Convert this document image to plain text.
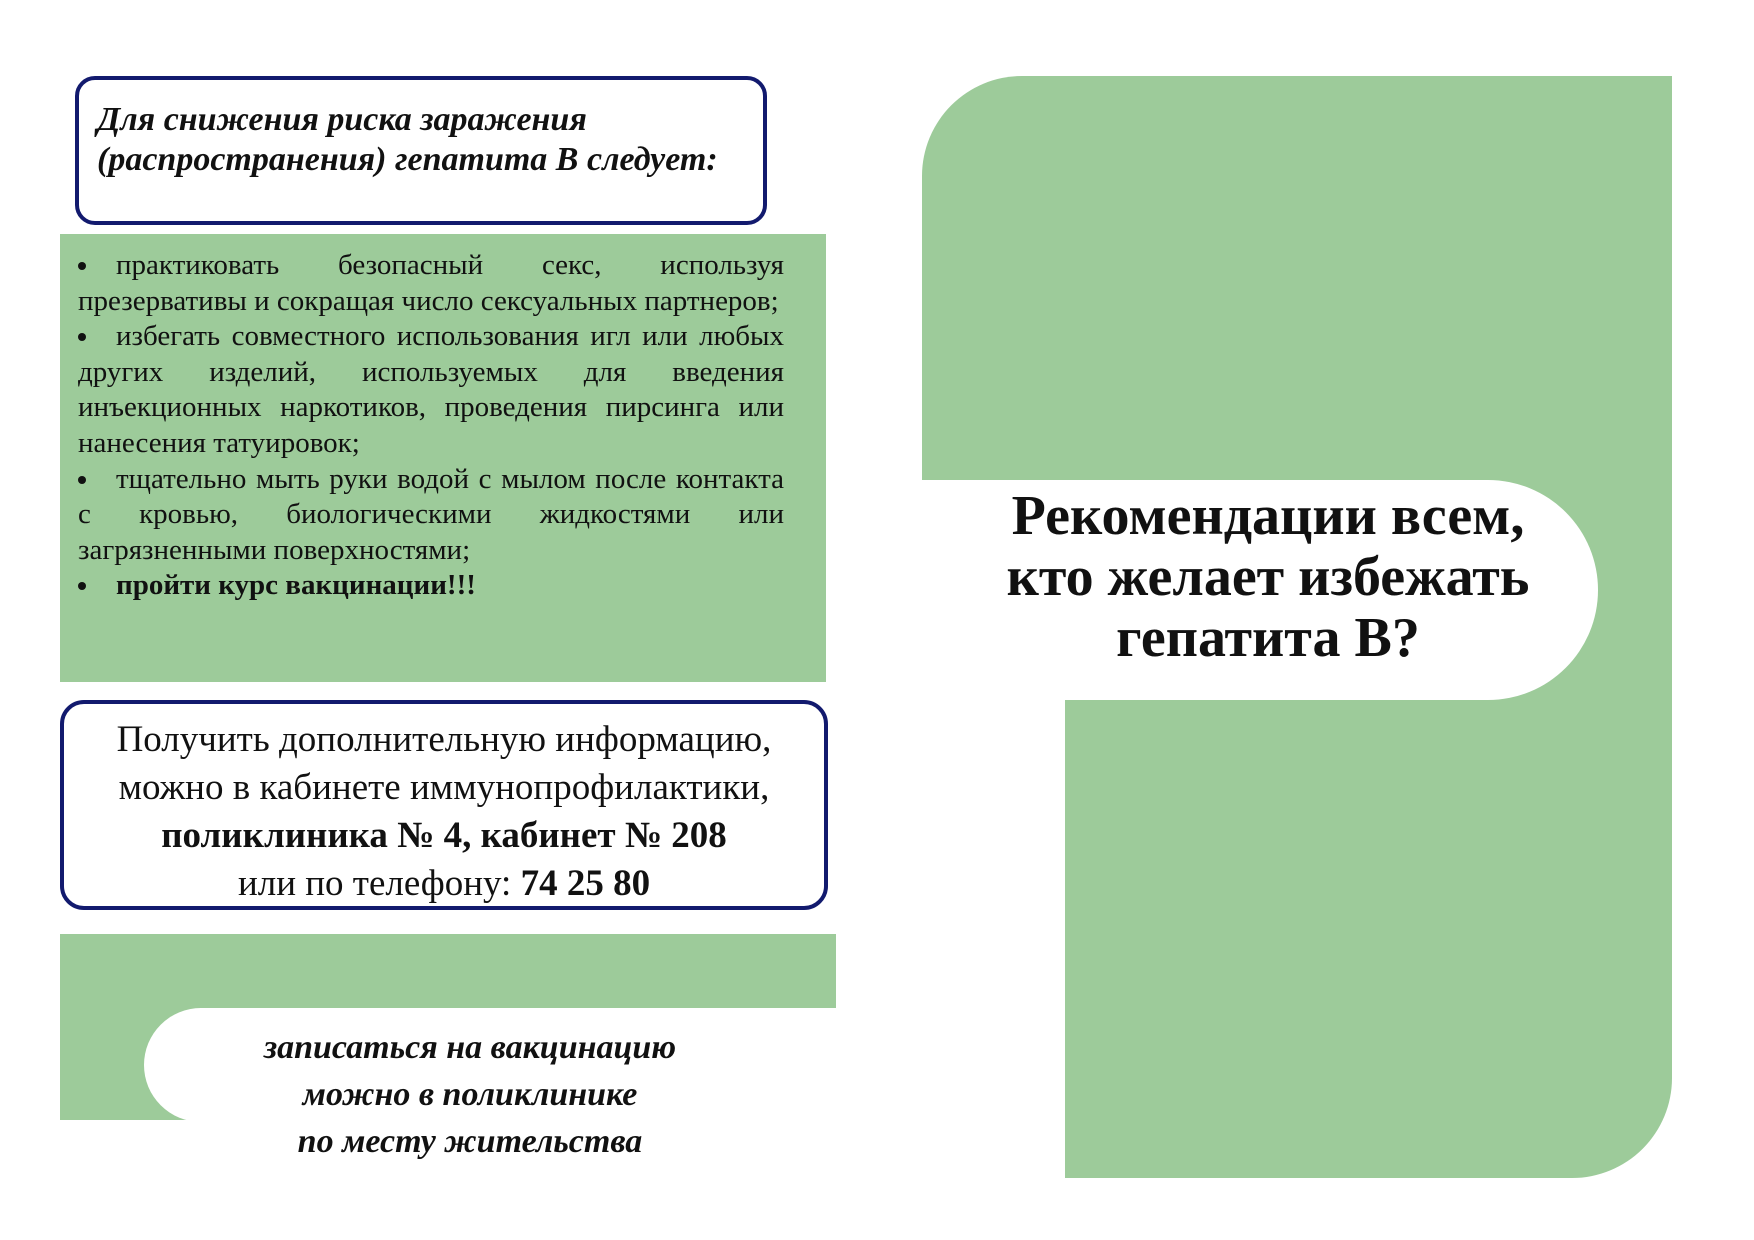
Для снижения риска заражения (распространения) гепатита В следует:
практиковать безопасный секс, используя презервативы и сокращая число сексуальных партнеров;
избегать совместного использования игл или любых других изделий, используемых для введения инъекционных наркотиков, проведения пирсинга или нанесения татуировок;
тщательно мыть руки водой с мылом после контакта с кровью, биологическими жидкостями или загрязненными поверхностями;
пройти курс вакцинации!!!
Получить дополнительную информацию,
можно в кабинете иммунопрофилактики,
поликлиника № 4, кабинет № 208
или по телефону: 74 25 80
записаться на вакцинацию
можно в поликлинике
по месту жительства
Рекомендации всем,
кто желает избежать
гепатита В?
